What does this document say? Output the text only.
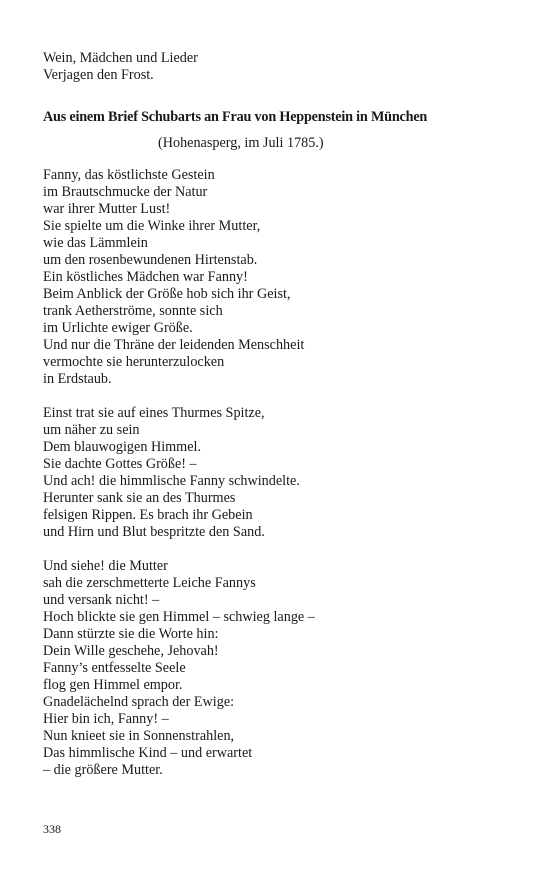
Wein, Mädchen und Lieder
Verjagen den Frost.
Aus einem Brief Schubarts an Frau von Heppenstein in München
(Hohenasperg, im Juli 1785.)
Fanny, das köstlichste Gestein
im Brautschmucke der Natur
war ihrer Mutter Lust!
Sie spielte um die Winke ihrer Mutter,
wie das Lämmlein
um den rosenbewundenen Hirtenstab.
Ein köstliches Mädchen war Fanny!
Beim Anblick der Größe hob sich ihr Geist,
trank Aetherströme, sonnte sich
im Urlichte ewiger Größe.
Und nur die Thräne der leidenden Menschheit
vermochte sie herunterzulocken
in Erdstaub.
Einst trat sie auf eines Thurmes Spitze,
um näher zu sein
Dem blauwogigen Himmel.
Sie dachte Gottes Größe! –
Und ach! die himmlische Fanny schwindelte.
Herunter sank sie an des Thurmes
felsigen Rippen. Es brach ihr Gebein
und Hirn und Blut bespritzte den Sand.
Und siehe! die Mutter
sah die zerschmetterte Leiche Fannys
und versank nicht! –
Hoch blickte sie gen Himmel – schwieg lange –
Dann stürzte sie die Worte hin:
Dein Wille geschehe, Jehovah!
Fanny’s entfesselte Seele
flog gen Himmel empor.
Gnadelächelnd sprach der Ewige:
Hier bin ich, Fanny! –
Nun knieet sie in Sonnenstrahlen,
Das himmlische Kind – und erwartet
– die größere Mutter.
338
